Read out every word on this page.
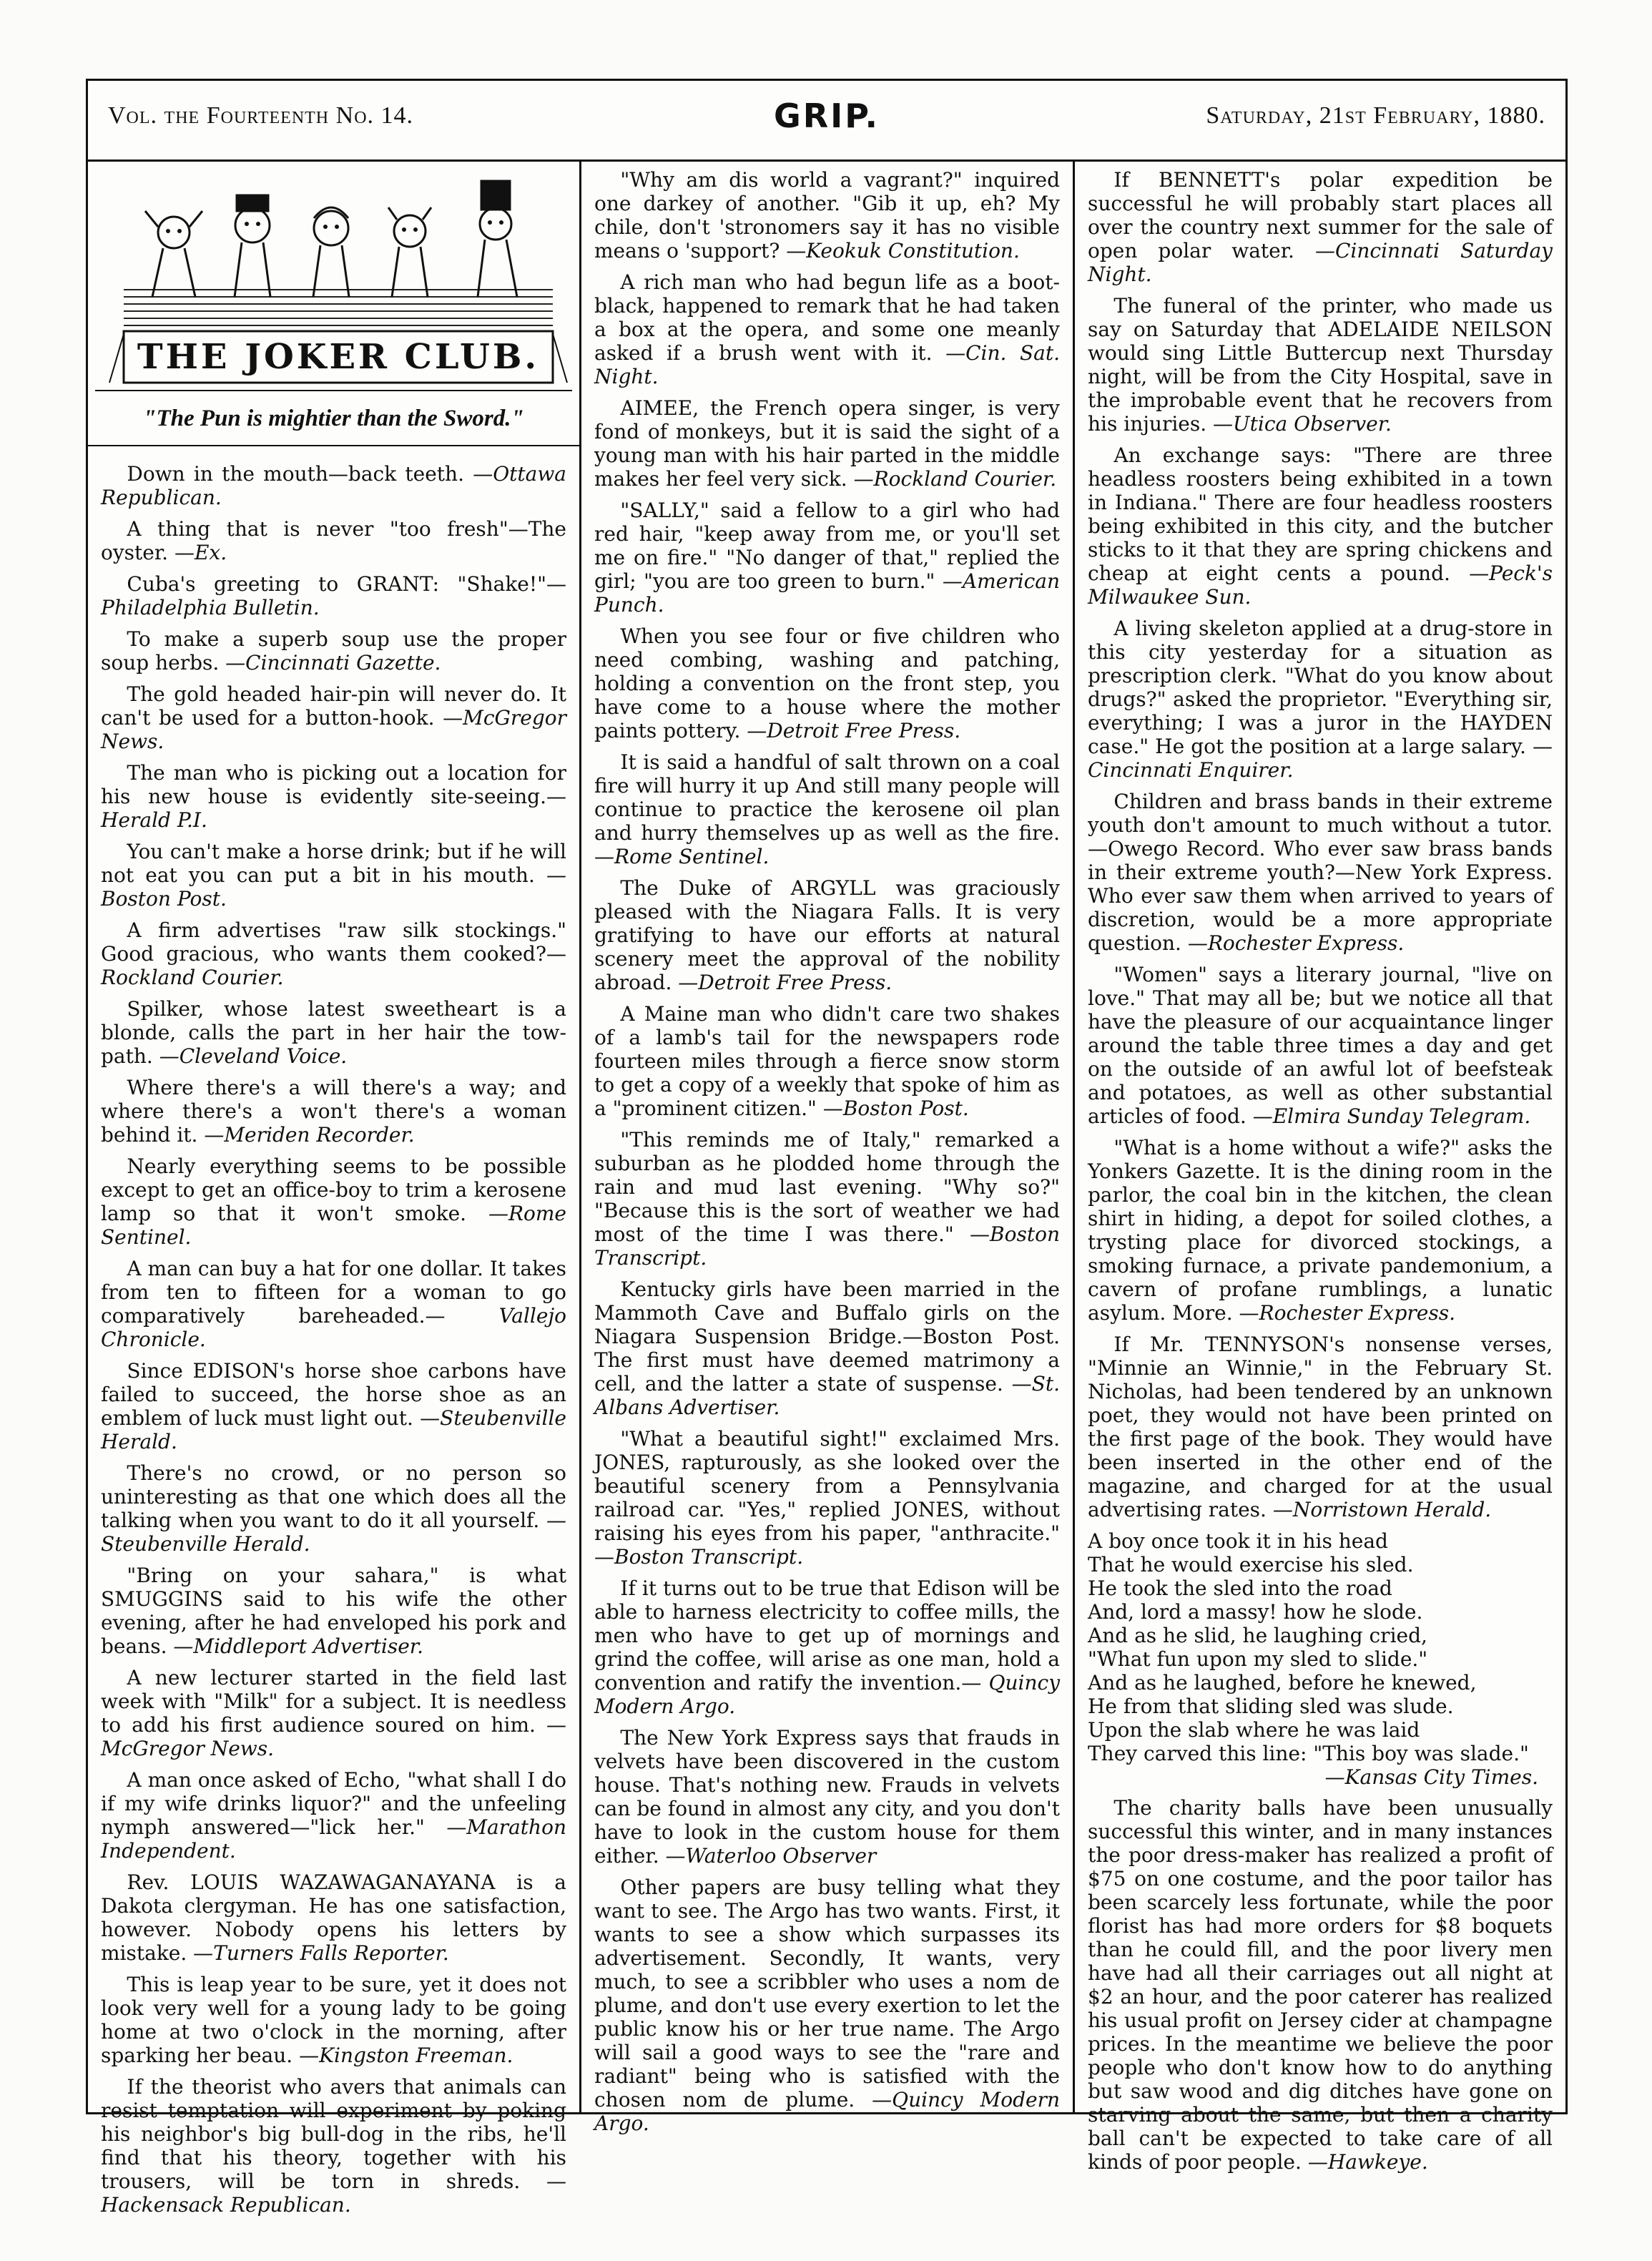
Vol. the Fourteenth No. 14.	GRIP.	Saturday, 21st February, 1880.
THE JOKER CLUB.
"The Pun is mightier than the Sword."

Down in the mouth—back teeth. —Ottawa Republican.

A thing that is never "too fresh"—The oyster. —Ex.

Cuba's greeting to GRANT: "Shake!"— Philadelphia Bulletin.

To make a superb soup use the proper soup herbs. —Cincinnati Gazette.

The gold headed hair-pin will never do. It can't be used for a button-hook. —McGregor News.

The man who is picking out a location for his new house is evidently site-seeing.— Herald P.I.

You can't make a horse drink; but if he will not eat you can put a bit in his mouth. —Boston Post.

A firm advertises "raw silk stockings." Good gracious, who wants them cooked?— Rockland Courier.

Spilker, whose latest sweetheart is a blonde, calls the part in her hair the tow-path. —Cleveland Voice.

Where there's a will there's a way; and where there's a won't there's a woman behind it. —Meriden Recorder.

Nearly everything seems to be possible except to get an office-boy to trim a kerosene lamp so that it won't smoke. —Rome Sentinel.

A man can buy a hat for one dollar. It takes from ten to fifteen for a woman to go comparatively bareheaded.—	Vallejo Chronicle.

Since EDISON's horse shoe carbons have failed to succeed, the horse shoe as an emblem of luck must light out. —Steubenville Herald.

There's no crowd, or no person so uninteresting as that one which does all the talking when you want to do it all yourself. —Steubenville Herald.

"Bring on your sahara," is what SMUGGINS said to his wife the other evening, after he had enveloped his pork and beans. —Middleport Advertiser.

A new lecturer started in the field last week with "Milk" for a subject. It is needless to add his first audience soured on him. —McGregor News.

A man once asked of Echo, "what shall I do if my wife drinks liquor?" and the unfeeling nymph answered—"lick her." —Marathon Independent.

Rev. LOUIS WAZAWAGANAYANA is a Dakota clergyman. He has one satisfaction, however. Nobody opens his letters by mistake. —Turners Falls Reporter.

This is leap year to be sure, yet it does not look very well for a young lady to be going home at two o'clock in the morning, after sparking her beau. —Kingston Freeman.

If the theorist who avers that animals can resist temptation will experiment by poking his neighbor's big bull-dog in the ribs, he'll find that his theory, together with his trousers, will be torn in shreds. —Hackensack Republican.

"Why am dis world a vagrant?" inquired one darkey of another. "Gib it up, eh? My chile, don't 'stronomers say it has no visible means o 'support? —Keokuk Constitution.

A rich man who had begun life as a boot-black, happened to remark that he had taken a box at the opera, and some one meanly asked if a brush went with it. —Cin. Sat. Night.

AIMEE, the French opera singer, is very fond of monkeys, but it is said the sight of a young man with his hair parted in the middle makes her feel very sick. —Rockland Courier.

"SALLY," said a fellow to a girl who had red hair, "keep away from me, or you'll set me on fire." "No danger of that," replied the girl; "you are too green to burn." —American Punch.

When you see four or five children who need combing, washing and patching, holding a convention on the front step, you have come to a house where the mother paints pottery. —Detroit Free Press.

It is said a handful of salt thrown on a coal fire will hurry it up And still many people will continue to practice the kerosene oil plan and hurry themselves up as well as the fire. —Rome Sentinel.

The Duke of ARGYLL was graciously pleased with the Niagara Falls. It is very gratifying to have our efforts at natural scenery meet the approval of the nobility abroad. —Detroit Free Press.

A Maine man who didn't care two shakes of a lamb's tail for the newspapers rode fourteen miles through a fierce snow storm to get a copy of a weekly that spoke of him as a "prominent citizen." —Boston Post.

"This reminds me of Italy," remarked a suburban as he plodded home through the rain and mud last evening. "Why so?" "Because this is the sort of weather we had most of the time I was there." —Boston Transcript.

Kentucky girls have been married in the Mammoth Cave and Buffalo girls on the Niagara Suspension Bridge.—Boston Post. The first must have deemed matrimony a cell, and the latter a state of suspense. —St. Albans Advertiser.

"What a beautiful sight!" exclaimed Mrs. JONES, rapturously, as she looked over the beautiful scenery from a Pennsylvania railroad car. "Yes," replied JONES, without raising his eyes from his paper, "anthracite." —Boston Transcript.

If it turns out to be true that Edison will be able to harness electricity to coffee mills, the men who have to get up of mornings and grind the coffee, will arise as one man, hold a convention and ratify the invention.— Quincy Modern Argo.

The New York Express says that frauds in velvets have been discovered in the custom house. That's nothing new. Frauds in velvets can be found in almost any city, and you don't have to look in the custom house for them either. —Waterloo Observer

Other papers are busy telling what they want to see. The Argo has two wants. First, it wants to see a show which surpasses its advertisement. Secondly, It wants, very much, to see a scribbler who uses a nom de plume, and don't use every exertion to let the public know his or her true name. The Argo will sail a good ways to see the "rare and radiant" being who is satisfied with the chosen nom de plume. —Quincy Modern Argo.

If BENNETT's polar expedition be successful he will probably start places all over the country next summer for the sale of open polar water. —Cincinnati Saturday Night.

The funeral of the printer, who made us say on Saturday that ADELAIDE NEILSON would sing Little Buttercup next Thursday night, will be from the City Hospital, save in the improbable event that he recovers from his injuries. —Utica Observer.

An exchange says: "There are three headless roosters being exhibited in a town in Indiana." There are four headless roosters being exhibited in this city, and the butcher sticks to it that they are spring chickens and cheap at eight cents a pound. —Peck's Milwaukee Sun.

A living skeleton applied at a drug-store in this city yesterday for a situation as prescription clerk. "What do you know about drugs?" asked the proprietor. "Everything sir, everything; I was a juror in the HAYDEN case." He got the position at a large salary. —Cincinnati Enquirer.

Children and brass bands in their extreme youth don't amount to much without a tutor.—Owego Record. Who ever saw brass bands in their extreme youth?—New York Express. Who ever saw them when arrived to years of discretion, would be a more appropriate question. —Rochester Express.

"Women" says a literary journal, "live on love." That may all be; but we notice all that have the pleasure of our acquaintance linger around the table three times a day and get on the outside of an awful lot of beefsteak and potatoes, as well as other substantial articles of food. —Elmira Sunday Telegram.

"What is a home without a wife?" asks the Yonkers Gazette. It is the dining room in the parlor, the coal bin in the kitchen, the clean shirt in hiding, a depot for soiled clothes, a trysting place for divorced stockings, a smoking furnace, a private pandemonium, a cavern of profane rumblings, a lunatic asylum. More. —Rochester Express.

If Mr. TENNYSON's nonsense verses, "Minnie an Winnie," in the February St. Nicholas, had been tendered by an unknown poet, they would not have been printed on the first page of the book. They would have been inserted in the other end of the magazine, and charged for at the usual advertising rates. —Norristown Herald.

A boy once took it in his head
That he would exercise his sled.
He took the sled into the road
And, lord a massy! how he slode.
And as he slid, he laughing cried,
"What fun upon my sled to slide."
And as he laughed, before he knewed,
He from that sliding sled was slude.
Upon the slab where he was laid
They carved this line: "This boy was slade."
—Kansas City Times.

The charity balls have been unusually successful this winter, and in many instances the poor dress-maker has realized a profit of $75 on one costume, and the poor tailor has been scarcely less fortunate, while the poor florist has had more orders for $8 boquets than he could fill, and the poor livery men have had all their carriages out all night at $2 an hour, and the poor caterer has realized his usual profit on Jersey cider at champagne prices. In the meantime we believe the poor people who don't know how to do anything but saw wood and dig ditches have gone on starving about the same, but then a charity ball can't be expected to take care of all kinds of poor people. —Hawkeye.
